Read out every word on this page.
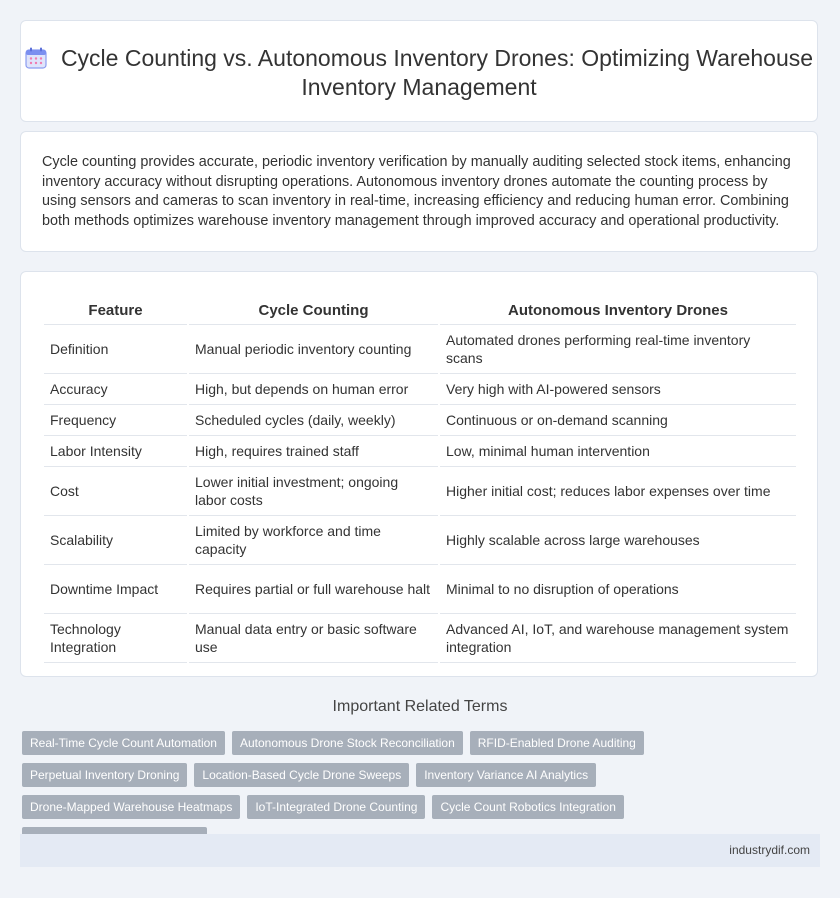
Cycle Counting vs. Autonomous Inventory Drones: Optimizing Warehouse Inventory Management

Cycle counting provides accurate, periodic inventory verification by manually auditing selected stock items, enhancing inventory accuracy without disrupting operations. Autonomous inventory drones automate the counting process by using sensors and cameras to scan inventory in real-time, increasing efficiency and reducing human error. Combining both methods optimizes warehouse inventory management through improved accuracy and operational productivity.

Feature	Cycle Counting	Autonomous Inventory Drones
Definition	Manual periodic inventory counting	Automated drones performing real-time inventory scans
Accuracy	High, but depends on human error	Very high with AI-powered sensors
Frequency	Scheduled cycles (daily, weekly)	Continuous or on-demand scanning
Labor Intensity	High, requires trained staff	Low, minimal human intervention
Cost	Lower initial investment; ongoing labor costs	Higher initial cost; reduces labor expenses over time
Scalability	Limited by workforce and time capacity	Highly scalable across large warehouses
Downtime Impact	Requires partial or full warehouse halt	Minimal to no disruption of operations
Technology Integration	Manual data entry or basic software use	Advanced AI, IoT, and warehouse management system integration
Important Related Terms
Real-Time Cycle Count Automation	Autonomous Drone Stock Reconciliation	RFID-Enabled Drone Auditing
Perpetual Inventory Droning	Location-Based Cycle Drone Sweeps	Inventory Variance AI Analytics
Drone-Mapped Warehouse Heatmaps	IoT-Integrated Drone Counting	Cycle Count Robotics Integration
industrydif.com
